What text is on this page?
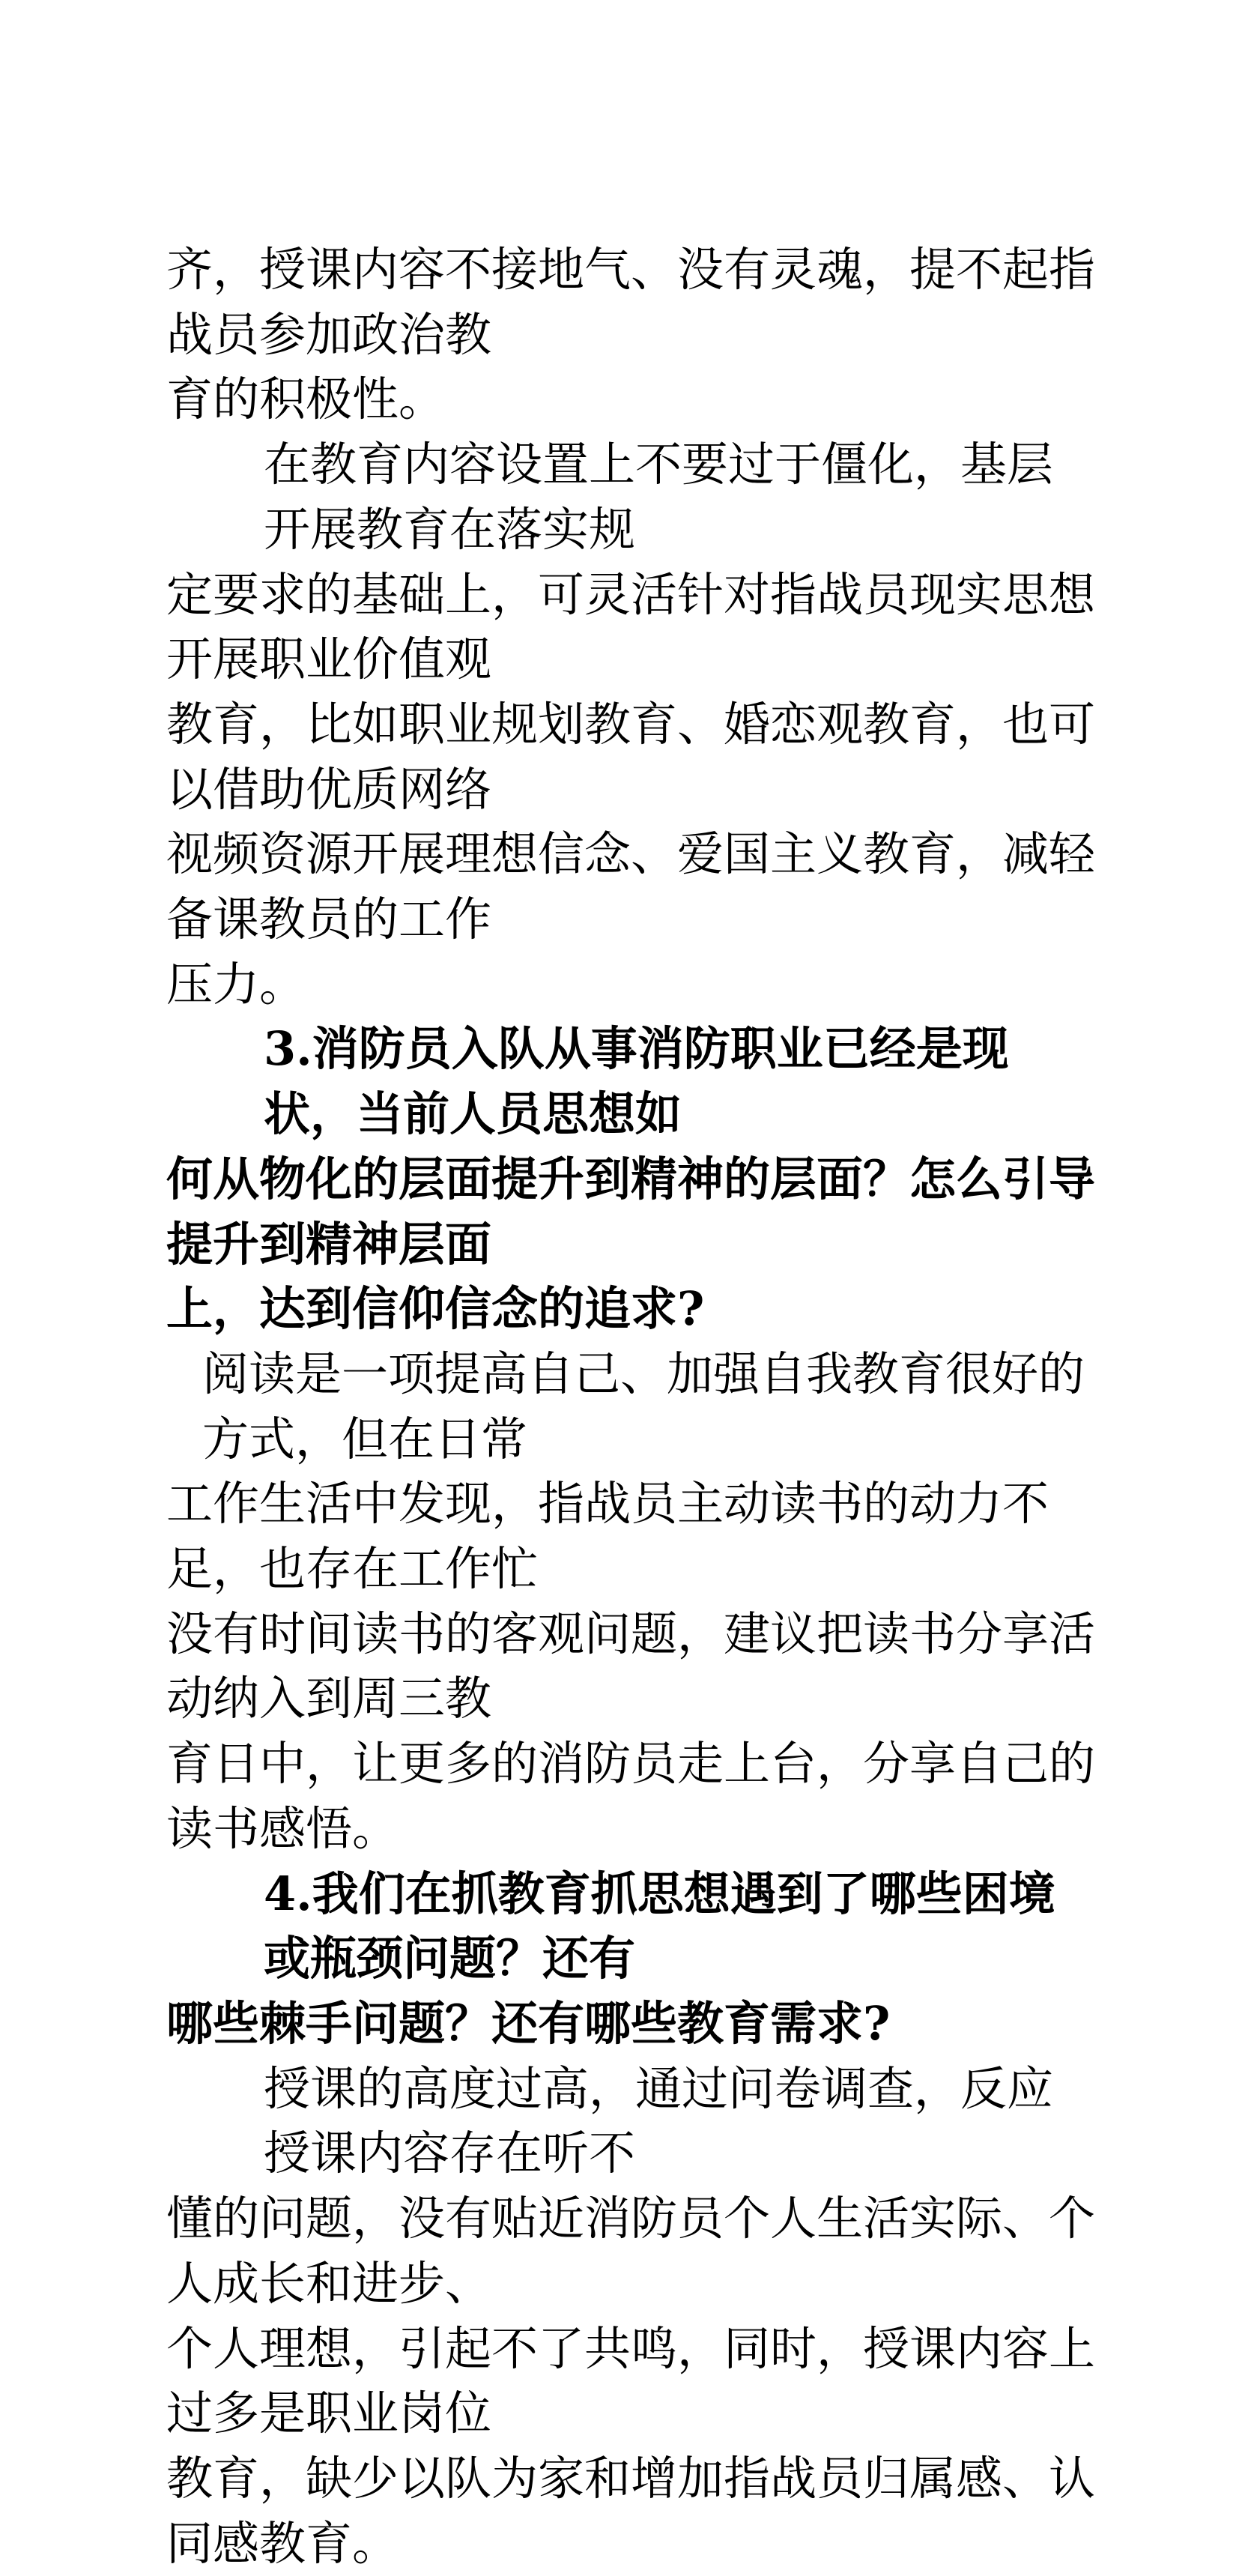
齐，授课内容不接地气、没有灵魂，提不起指战员参加政治教
育的积极性。
在教育内容设置上不要过于僵化，基层开展教育在落实规
定要求的基础上，可灵活针对指战员现实思想开展职业价值观
教育，比如职业规划教育、婚恋观教育，也可以借助优质网络
视频资源开展理想信念、爱国主义教育，减轻备课教员的工作
压力。
3.消防员入队从事消防职业已经是现状，当前人员思想如
何从物化的层面提升到精神的层面？怎么引导提升到精神层面
上，达到信仰信念的追求?
阅读是一项提高自己、加强自我教育很好的方式，但在日常
工作生活中发现，指战员主动读书的动力不足，也存在工作忙
没有时间读书的客观问题，建议把读书分享活动纳入到周三教
育日中，让更多的消防员走上台，分享自己的读书感悟。
4.我们在抓教育抓思想遇到了哪些困境或瓶颈问题？还有
哪些棘手问题？还有哪些教育需求?
授课的高度过高，通过问卷调查，反应授课内容存在听不
懂的问题，没有贴近消防员个人生活实际、个人成长和进步、
个人理想，引起不了共鸣，同时，授课内容上过多是职业岗位
教育，缺少以队为家和增加指战员归属感、认同感教育。
